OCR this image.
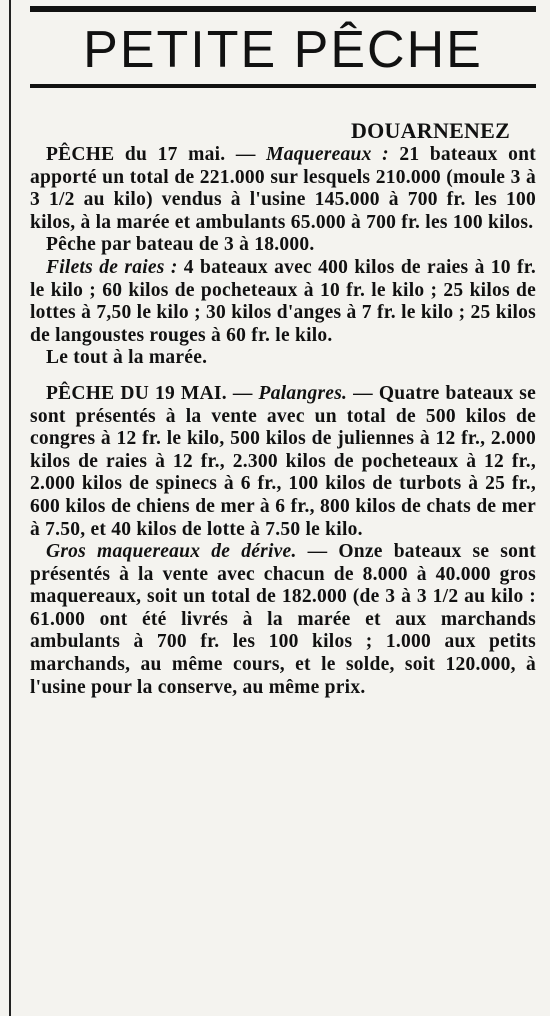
PETITE PÊCHE
DOUARNENEZ

PÊCHE du 17 mai. — Maquereaux : 21 bateaux ont apporté un total de 221.000 sur lesquels 210.000 (moule 3 à 3 1/2 au kilo) vendus à l'usine 145.000 à 700 fr. les 100 kilos, à la marée et ambulants 65.000 à 700 fr. les 100 kilos.

Pêche par bateau de 3 à 18.000.

Filets de raies : 4 bateaux avec 400 kilos de raies à 10 fr. le kilo ; 60 kilos de pocheteaux à 10 fr. le kilo ; 25 kilos de lottes à 7,50 le kilo ; 30 kilos d'anges à 7 fr. le kilo ; 25 kilos de langoustes rouges à 60 fr. le kilo.

Le tout à la marée.

PÊCHE DU 19 MAI. — Palangres. — Quatre bateaux se sont présentés à la vente avec un total de 500 kilos de congres à 12 fr. le kilo, 500 kilos de juliennes à 12 fr., 2.000 kilos de raies à 12 fr., 2.300 kilos de pocheteaux à 12 fr., 2.000 kilos de spinecs à 6 fr., 100 kilos de turbots à 25 fr., 600 kilos de chiens de mer à 6 fr., 800 kilos de chats de mer à 7.50, et 40 kilos de lotte à 7.50 le kilo.

Gros maquereaux de dérive. — Onze bateaux se sont présentés à la vente avec chacun de 8.000 à 40.000 gros maquereaux, soit un total de 182.000 (de 3 à 3 1/2 au kilo : 61.000 ont été livrés à la marée et aux marchands ambulants à 700 fr. les 100 kilos ; 1.000 aux petits marchands, au même cours, et le solde, soit 120.000, à l'usine pour la conserve, au même prix.
